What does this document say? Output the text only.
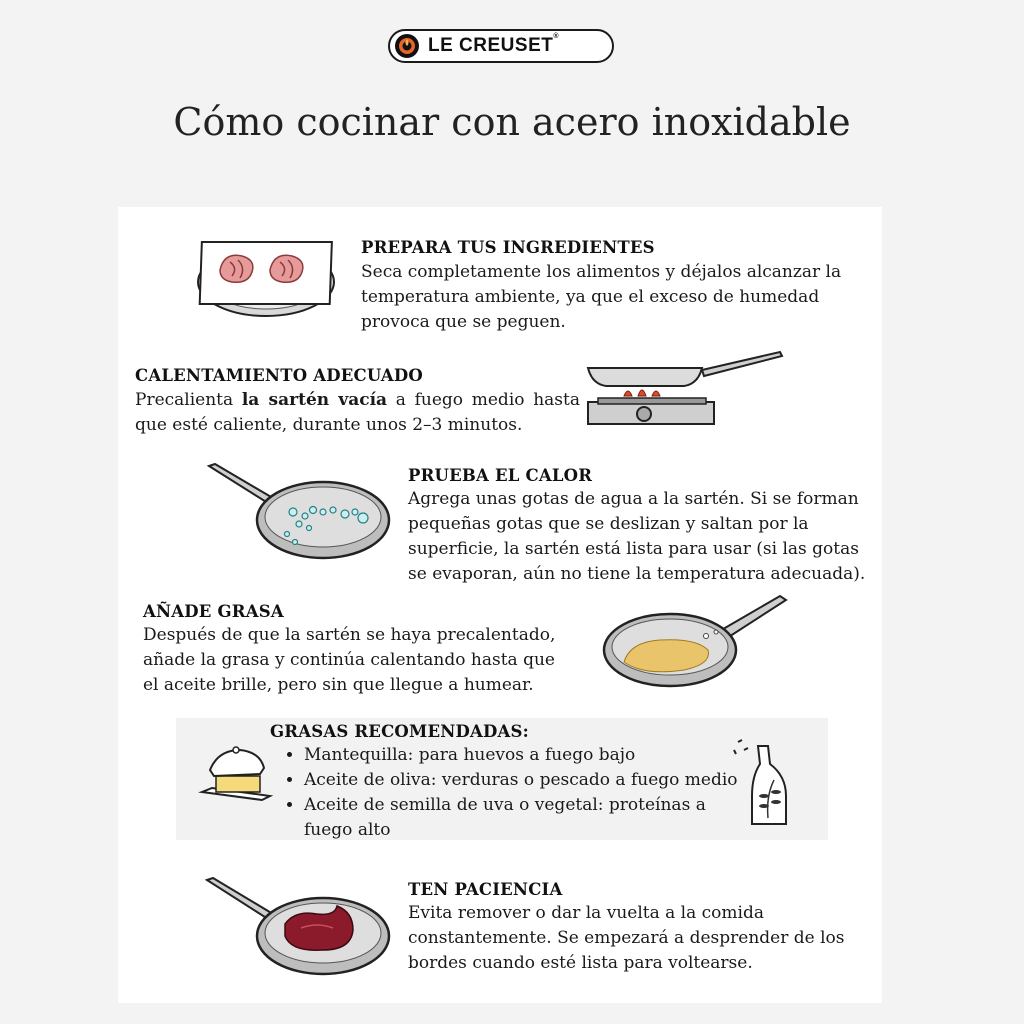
LE CREUSET®
Cómo cocinar con acero inoxidable
PREPARA TUS INGREDIENTES
Seca completamente los alimentos y déjalos alcanzar la
temperatura ambiente, ya que el exceso de humedad
provoca que se peguen.
CALENTAMIENTO ADECUADO
Precalienta la sartén vacía a fuego medio hasta
que esté caliente, durante unos 2–3 minutos.
PRUEBA EL CALOR
Agrega unas gotas de agua a la sartén. Si se forman
pequeñas gotas que se deslizan y saltan por la
superficie, la sartén está lista para usar (si las gotas
se evaporan, aún no tiene la temperatura adecuada).
AÑADE GRASA
Después de que la sartén se haya precalentado,
añade la grasa y continúa calentando hasta que
el aceite brille, pero sin que llegue a humear.
GRASAS RECOMENDADAS:
• Mantequilla: para huevos a fuego bajo
• Aceite de oliva: verduras o pescado a fuego medio
• Aceite de semilla de uva o vegetal: proteínas a
fuego alto
TEN PACIENCIA
Evita remover o dar la vuelta a la comida
constantemente. Se empezará a desprender de los
bordes cuando esté lista para voltearse.
